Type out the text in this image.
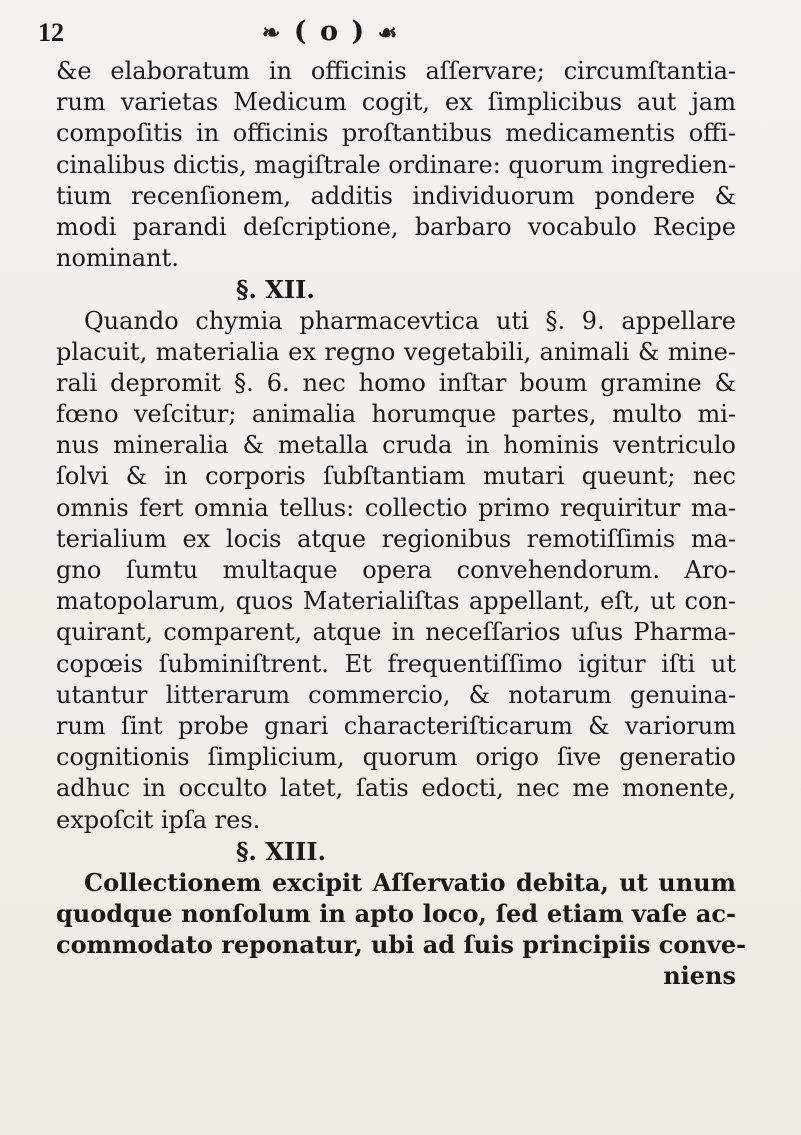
12	❧ ( o ) ☙
&e elaboratum in officinis aſſervare; circumſtantia-
rum varietas Medicum cogit, ex ſimplicibus aut jam
compoſitis in officinis proſtantibus medicamentis offi-
cinalibus dictis, magiſtrale ordinare: quorum ingredien-
tium recenſionem, additis individuorum pondere &
modi parandi deſcriptione, barbaro vocabulo Recipe
nominant.
§. XII.
Quando chymia pharmacevtica uti §. 9. appellare
placuit, materialia ex regno vegetabili, animali & mine-
rali depromit §. 6. nec homo inſtar boum gramine &
fœno veſcitur; animalia horumque partes, multo mi-
nus mineralia & metalla cruda in hominis ventriculo
ſolvi & in corporis ſubſtantiam mutari queunt; nec
omnis fert omnia tellus: collectio primo requiritur ma-
terialium ex locis atque regionibus remotiſſimis ma-
gno ſumtu multaque opera convehendorum. Aro-
matopolarum, quos Materialiſtas appellant, eſt, ut con-
quirant, comparent, atque in neceſſarios uſus Pharma-
copœis ſubminiſtrent. Et frequentiſſimo igitur iſti ut
utantur litterarum commercio, & notarum genuina-
rum ſint probe gnari characteriſticarum & variorum
cognitionis ſimplicium, quorum origo ſive generatio
adhuc in occulto latet, ſatis edocti, nec me monente,
expoſcit ipſa res.
§. XIII.
Collectionem excipit Aſſervatio debita, ut unum
quodque nonſolum in apto loco, ſed etiam vaſe ac-
commodato reponatur, ubi ad ſuis principiis conve-
niens
